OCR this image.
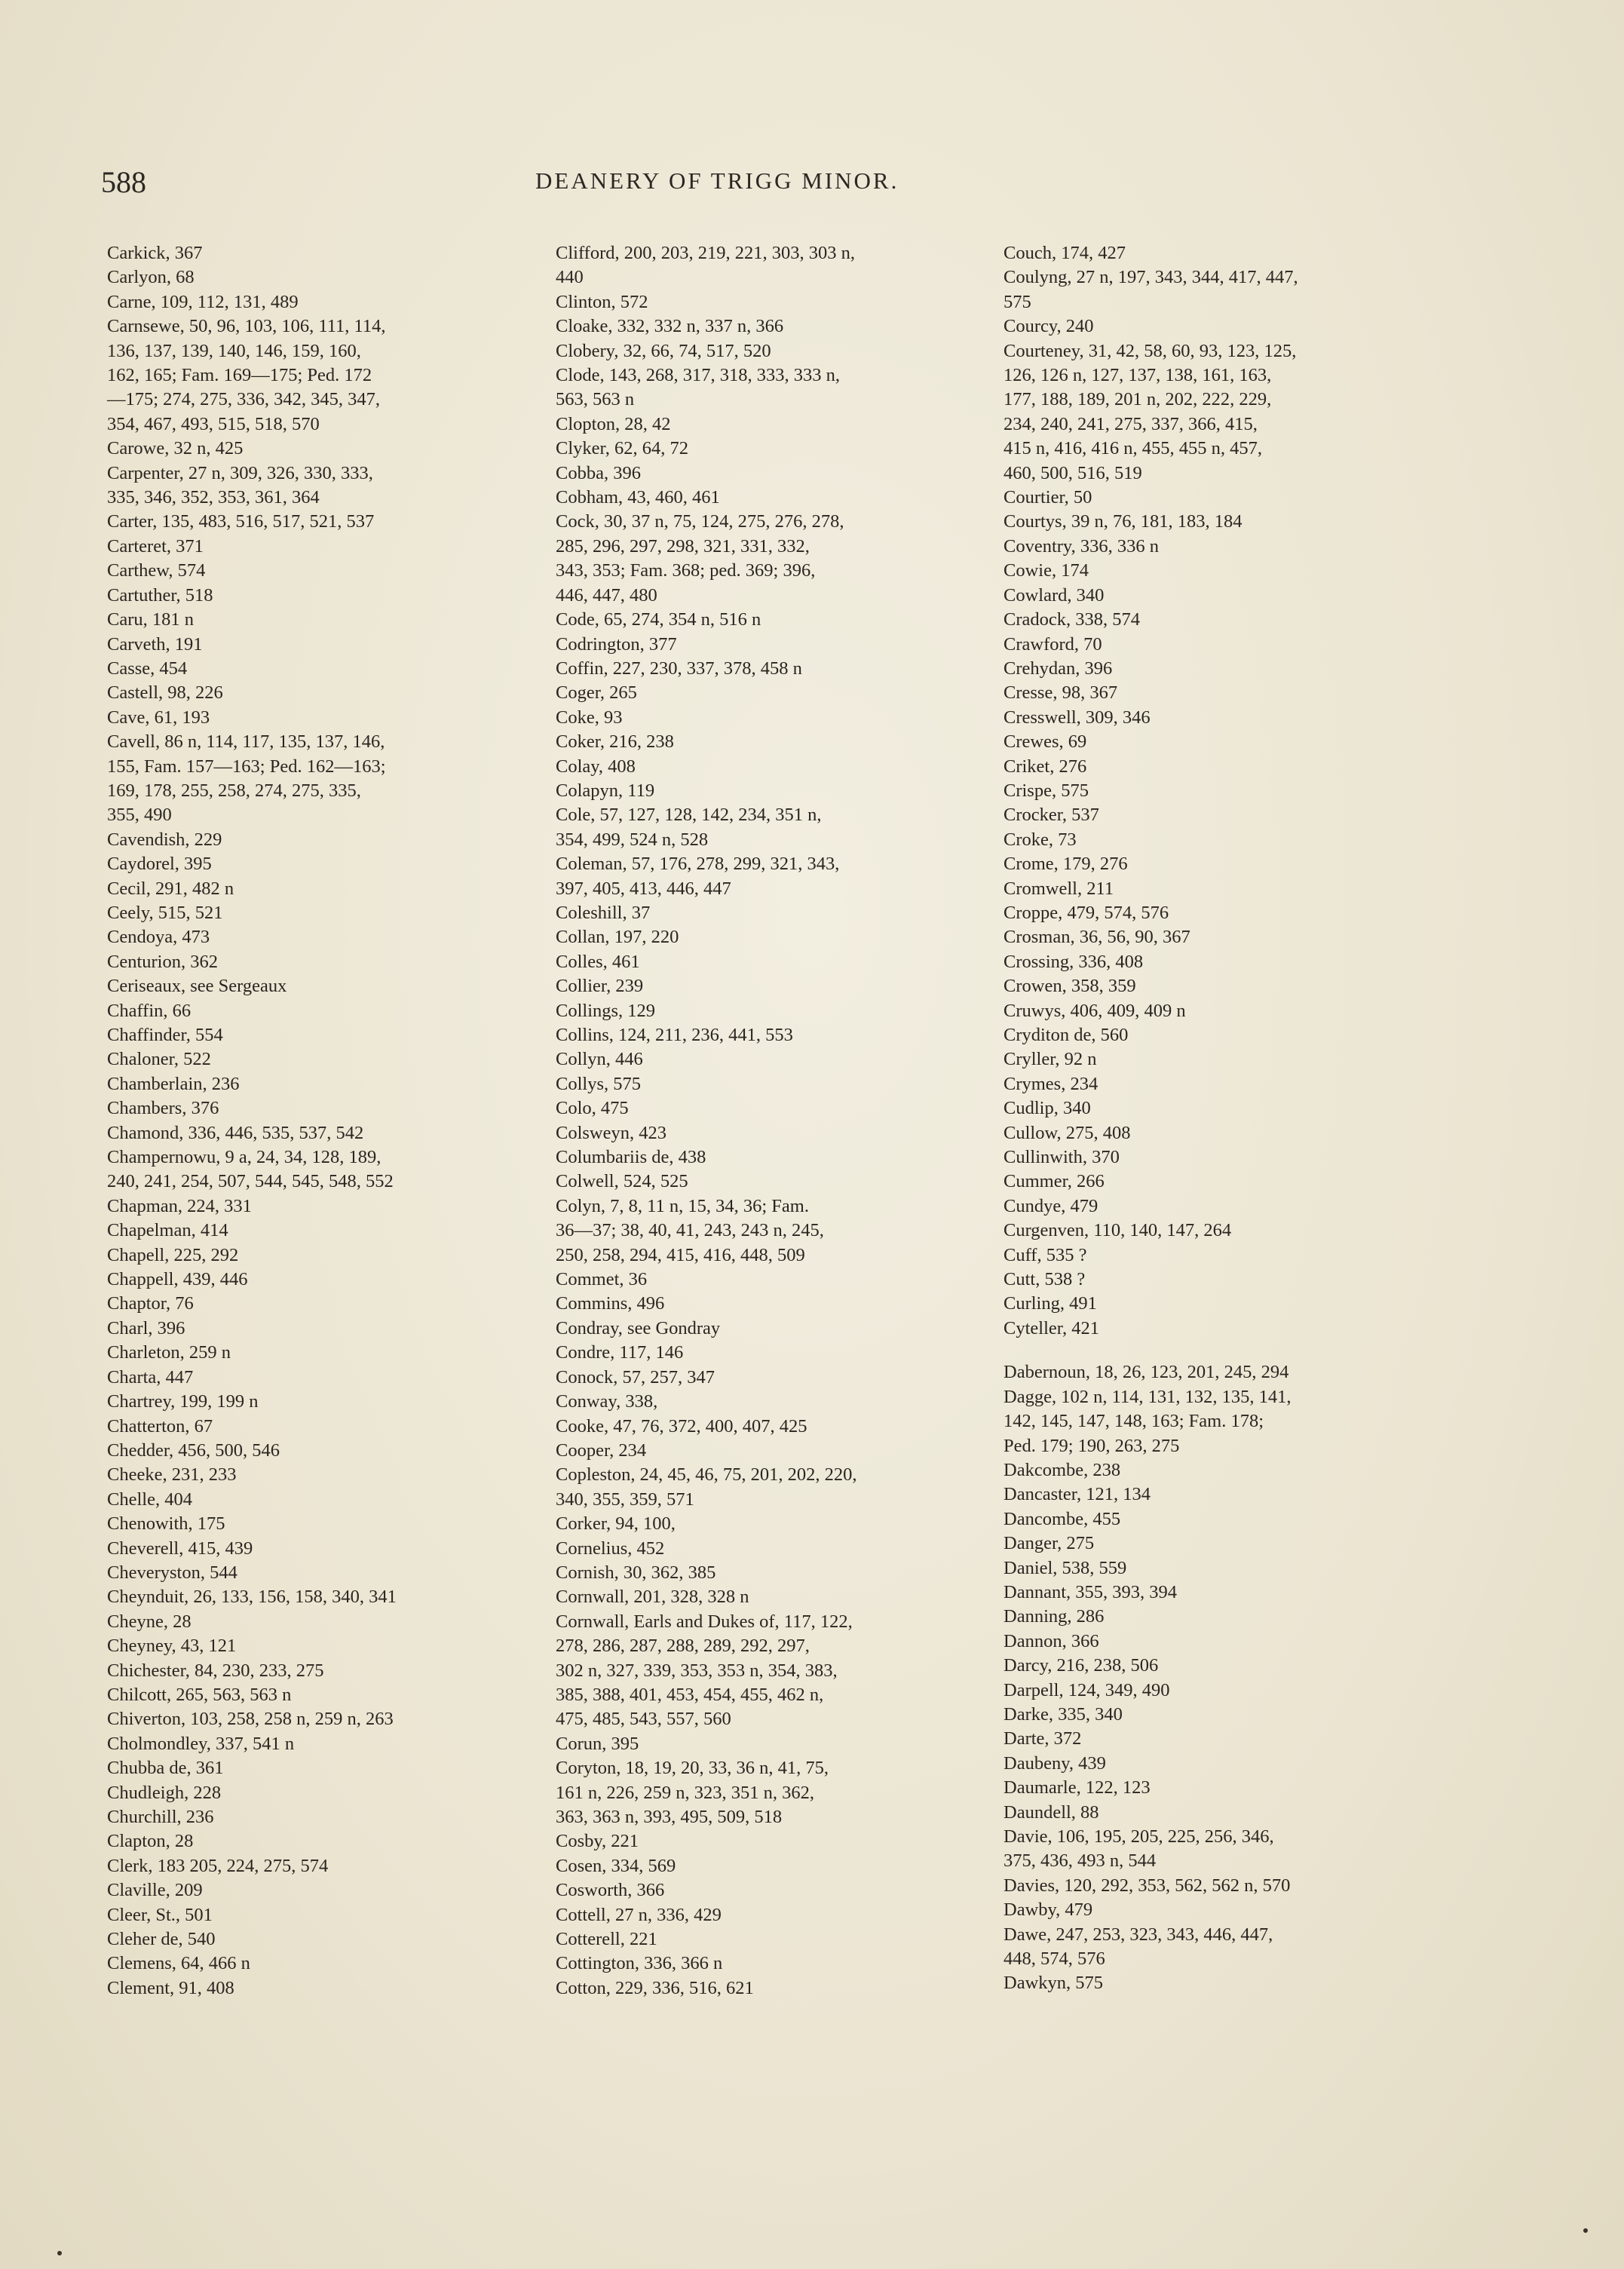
588	DEANERY OF TRIGG MINOR.
Carkick, 367
Carlyon, 68
Carne, 109, 112, 131, 489
Carnsewe, 50, 96, 103, 106, 111, 114,
136, 137, 139, 140, 146, 159, 160,
162, 165; Fam. 169—175; Ped. 172
—175; 274, 275, 336, 342, 345, 347,
354, 467, 493, 515, 518, 570
Carowe, 32 n, 425
Carpenter, 27 n, 309, 326, 330, 333,
335, 346, 352, 353, 361, 364
Carter, 135, 483, 516, 517, 521, 537
Carteret, 371
Carthew, 574
Cartuther, 518
Caru, 181 n
Carveth, 191
Casse, 454
Castell, 98, 226
Cave, 61, 193
Cavell, 86 n, 114, 117, 135, 137, 146,
155, Fam. 157—163; Ped. 162—163;
169, 178, 255, 258, 274, 275, 335,
355, 490
Cavendish, 229
Caydorel, 395
Cecil, 291, 482 n
Ceely, 515, 521
Cendoya, 473
Centurion, 362
Ceriseaux, see Sergeaux
Chaffin, 66
Chaffinder, 554
Chaloner, 522
Chamberlain, 236
Chambers, 376
Chamond, 336, 446, 535, 537, 542
Champernowu, 9 a, 24, 34, 128, 189,
240, 241, 254, 507, 544, 545, 548, 552
Chapman, 224, 331
Chapelman, 414
Chapell, 225, 292
Chappell, 439, 446
Chaptor, 76
Charl, 396
Charleton, 259 n
Charta, 447
Chartrey, 199, 199 n
Chatterton, 67
Chedder, 456, 500, 546
Cheeke, 231, 233
Chelle, 404
Chenowith, 175
Cheverell, 415, 439
Cheveryston, 544
Cheynduit, 26, 133, 156, 158, 340, 341
Cheyne, 28
Cheyney, 43, 121
Chichester, 84, 230, 233, 275
Chilcott, 265, 563, 563 n
Chiverton, 103, 258, 258 n, 259 n, 263
Cholmondley, 337, 541 n
Chubba de, 361
Chudleigh, 228
Churchill, 236
Clapton, 28
Clerk, 183 205, 224, 275, 574
Claville, 209
Cleer, St., 501
Cleher de, 540
Clemens, 64, 466 n
Clement, 91, 408
Clifford, 200, 203, 219, 221, 303, 303 n,
440
Clinton, 572
Cloake, 332, 332 n, 337 n, 366
Clobery, 32, 66, 74, 517, 520
Clode, 143, 268, 317, 318, 333, 333 n,
563, 563 n
Clopton, 28, 42
Clyker, 62, 64, 72
Cobba, 396
Cobham, 43, 460, 461
Cock, 30, 37 n, 75, 124, 275, 276, 278,
285, 296, 297, 298, 321, 331, 332,
343, 353; Fam. 368; ped. 369; 396,
446, 447, 480
Code, 65, 274, 354 n, 516 n
Codrington, 377
Coffin, 227, 230, 337, 378, 458 n
Coger, 265
Coke, 93
Coker, 216, 238
Colay, 408
Colapyn, 119
Cole, 57, 127, 128, 142, 234, 351 n,
354, 499, 524 n, 528
Coleman, 57, 176, 278, 299, 321, 343,
397, 405, 413, 446, 447
Coleshill, 37
Collan, 197, 220
Colles, 461
Collier, 239
Collings, 129
Collins, 124, 211, 236, 441, 553
Collyn, 446
Collys, 575
Colo, 475
Colsweyn, 423
Columbariis de, 438
Colwell, 524, 525
Colyn, 7, 8, 11 n, 15, 34, 36; Fam.
36—37; 38, 40, 41, 243, 243 n, 245,
250, 258, 294, 415, 416, 448, 509
Commet, 36
Commins, 496
Condray, see Gondray
Condre, 117, 146
Conock, 57, 257, 347
Conway, 338,
Cooke, 47, 76, 372, 400, 407, 425
Cooper, 234
Copleston, 24, 45, 46, 75, 201, 202, 220,
340, 355, 359, 571
Corker, 94, 100,
Cornelius, 452
Cornish, 30, 362, 385
Cornwall, 201, 328, 328 n
Cornwall, Earls and Dukes of, 117, 122,
278, 286, 287, 288, 289, 292, 297,
302 n, 327, 339, 353, 353 n, 354, 383,
385, 388, 401, 453, 454, 455, 462 n,
475, 485, 543, 557, 560
Corun, 395
Coryton, 18, 19, 20, 33, 36 n, 41, 75,
161 n, 226, 259 n, 323, 351 n, 362,
363, 363 n, 393, 495, 509, 518
Cosby, 221
Cosen, 334, 569
Cosworth, 366
Cottell, 27 n, 336, 429
Cotterell, 221
Cottington, 336, 366 n
Cotton, 229, 336, 516, 621
Couch, 174, 427
Coulyng, 27 n, 197, 343, 344, 417, 447,
575
Courcy, 240
Courteney, 31, 42, 58, 60, 93, 123, 125,
126, 126 n, 127, 137, 138, 161, 163,
177, 188, 189, 201 n, 202, 222, 229,
234, 240, 241, 275, 337, 366, 415,
415 n, 416, 416 n, 455, 455 n, 457,
460, 500, 516, 519
Courtier, 50
Courtys, 39 n, 76, 181, 183, 184
Coventry, 336, 336 n
Cowie, 174
Cowlard, 340
Cradock, 338, 574
Crawford, 70
Crehydan, 396
Cresse, 98, 367
Cresswell, 309, 346
Crewes, 69
Criket, 276
Crispe, 575
Crocker, 537
Croke, 73
Crome, 179, 276
Cromwell, 211
Croppe, 479, 574, 576
Crosman, 36, 56, 90, 367
Crossing, 336, 408
Crowen, 358, 359
Cruwys, 406, 409, 409 n
Cryditon de, 560
Cryller, 92 n
Crymes, 234
Cudlip, 340
Cullow, 275, 408
Cullinwith, 370
Cummer, 266
Cundye, 479
Curgenven, 110, 140, 147, 264
Cuff, 535 ?
Cutt, 538 ?
Curling, 491
Cyteller, 421
Dabernoun, 18, 26, 123, 201, 245, 294
Dagge, 102 n, 114, 131, 132, 135, 141,
142, 145, 147, 148, 163; Fam. 178;
Ped. 179; 190, 263, 275
Dakcombe, 238
Dancaster, 121, 134
Dancombe, 455
Danger, 275
Daniel, 538, 559
Dannant, 355, 393, 394
Danning, 286
Dannon, 366
Darcy, 216, 238, 506
Darpell, 124, 349, 490
Darke, 335, 340
Darte, 372
Daubeny, 439
Daumarle, 122, 123
Daundell, 88
Davie, 106, 195, 205, 225, 256, 346,
375, 436, 493 n, 544
Davies, 120, 292, 353, 562, 562 n, 570
Dawby, 479
Dawe, 247, 253, 323, 343, 446, 447,
448, 574, 576
Dawkyn, 575
